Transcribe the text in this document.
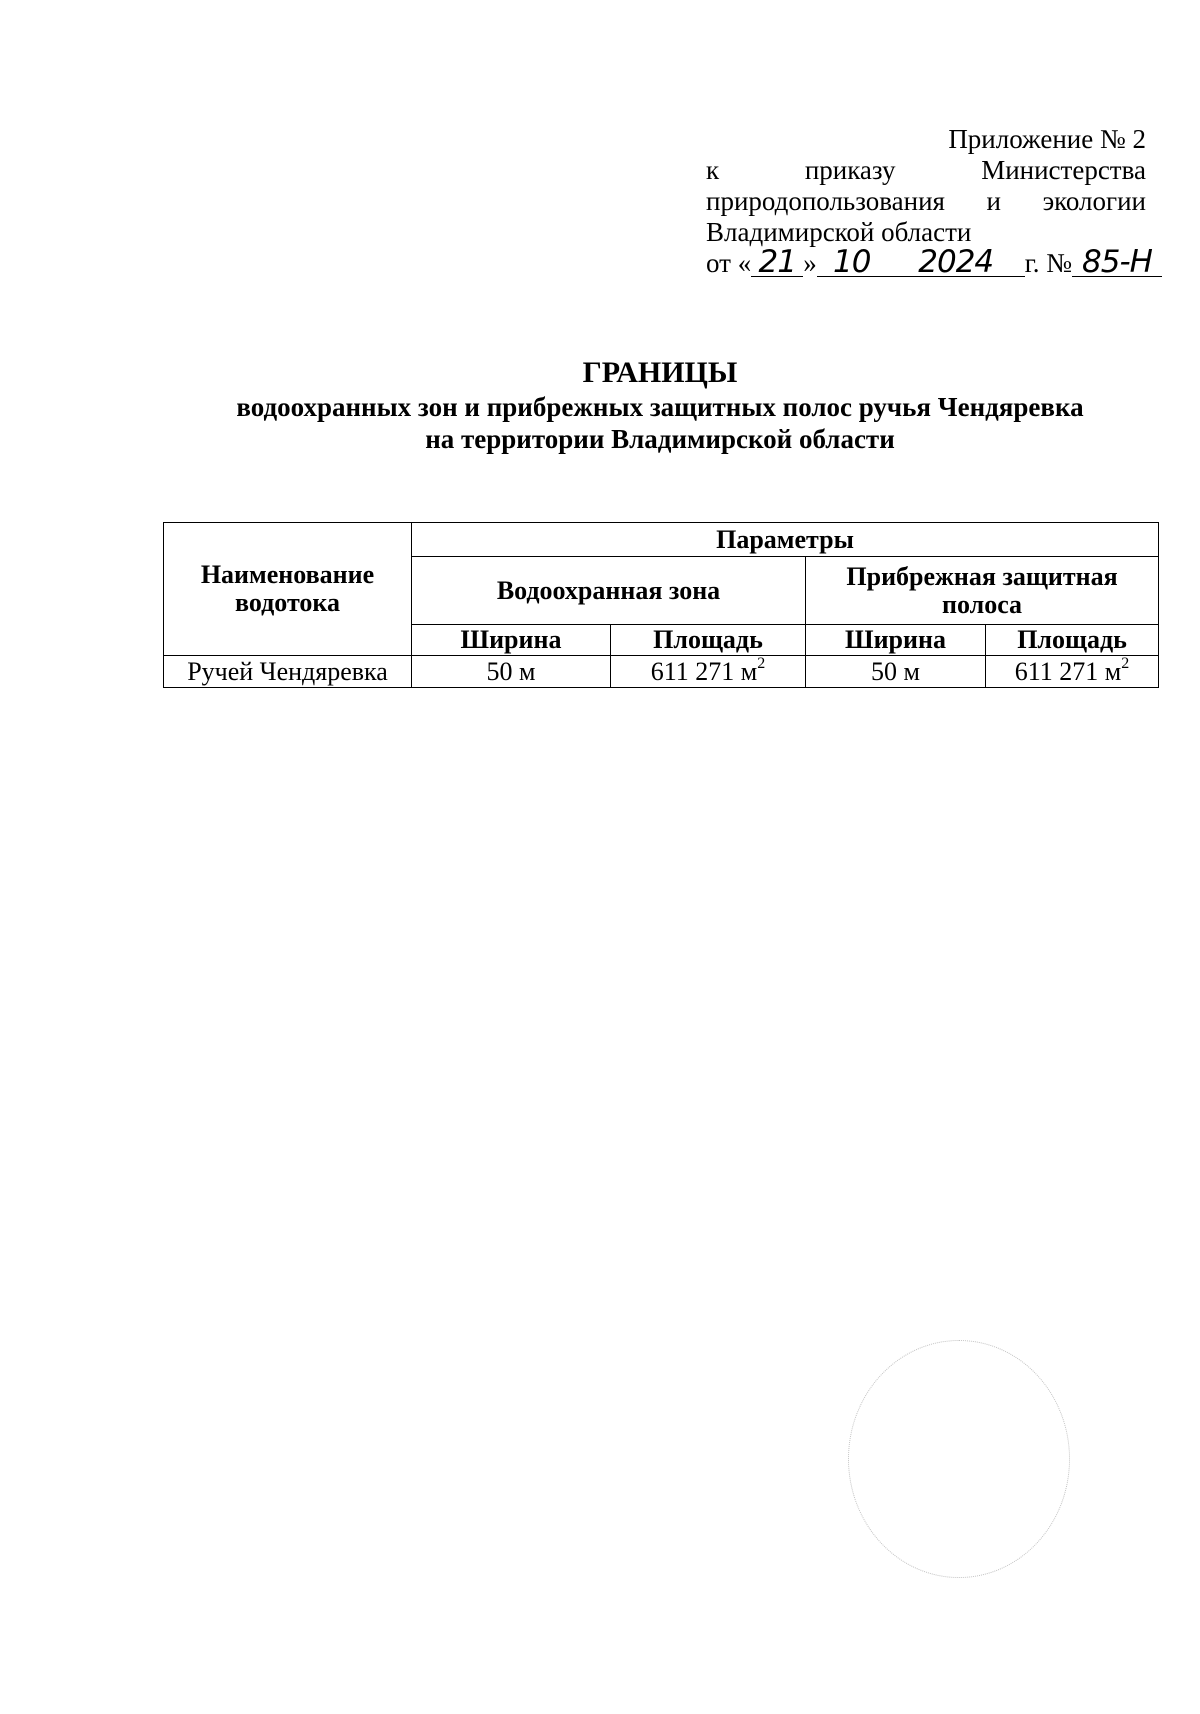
Приложение № 2
к	приказу	Министерства
природопользования и экологии
Владимирской области
от « 21 » 10 2024 г. № 85-Н
ГРАНИЦЫ
водоохранных зон и прибрежных защитных полос ручья Чендяревка
на территории Владимирской области
Наименование водотока	Параметры			
	Водоохранная зона		Прибрежная защитная полоса	
	Ширина	Площадь	Ширина	Площадь
Ручей Чендяревка	50 м	611 271 $м^2$	50 м	611 271 $м^2$
